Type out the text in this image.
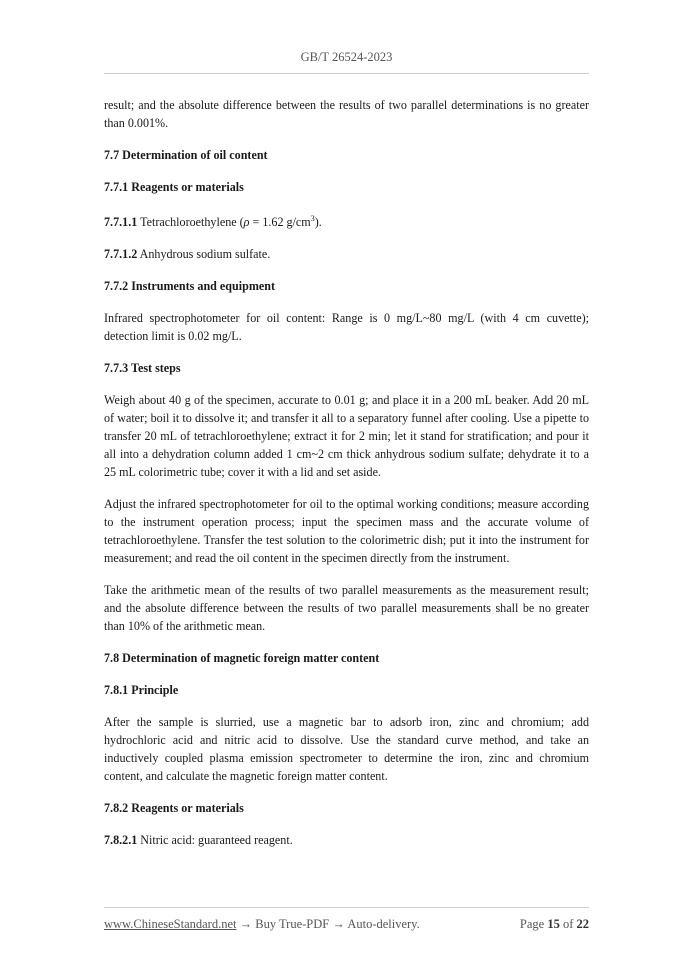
GB/T 26524-2023

result; and the absolute difference between the results of two parallel determinations is no greater than 0.001%.

7.7 Determination of oil content

7.7.1 Reagents or materials

7.7.1.1 Tetrachloroethylene (ρ = 1.62 $g/cm^3$).

7.7.1.2 Anhydrous sodium sulfate.

7.7.2 Instruments and equipment

Infrared spectrophotometer for oil content: Range is 0 mg/L~80 mg/L (with 4 cm cuvette); detection limit is 0.02 mg/L.

7.7.3 Test steps

Weigh about 40 g of the specimen, accurate to 0.01 g; and place it in a 200 mL beaker. Add 20 mL of water; boil it to dissolve it; and transfer it all to a separatory funnel after cooling. Use a pipette to transfer 20 mL of tetrachloroethylene; extract it for 2 min; let it stand for stratification; and pour it all into a dehydration column added 1 cm~2 cm thick anhydrous sodium sulfate; dehydrate it to a 25 mL colorimetric tube; cover it with a lid and set aside.

Adjust the infrared spectrophotometer for oil to the optimal working conditions; measure according to the instrument operation process; input the specimen mass and the accurate volume of tetrachloroethylene. Transfer the test solution to the colorimetric dish; put it into the instrument for measurement; and read the oil content in the specimen directly from the instrument.

Take the arithmetic mean of the results of two parallel measurements as the measurement result; and the absolute difference between the results of two parallel measurements shall be no greater than 10% of the arithmetic mean.

7.8 Determination of magnetic foreign matter content

7.8.1 Principle

After the sample is slurried, use a magnetic bar to adsorb iron, zinc and chromium; add hydrochloric acid and nitric acid to dissolve. Use the standard curve method, and take an inductively coupled plasma emission spectrometer to determine the iron, zinc and chromium content, and calculate the magnetic foreign matter content.

7.8.2 Reagents or materials

7.8.2.1 Nitric acid: guaranteed reagent.

www.ChineseStandard.net → Buy True-PDF → Auto-delivery.	Page 15 of 22
